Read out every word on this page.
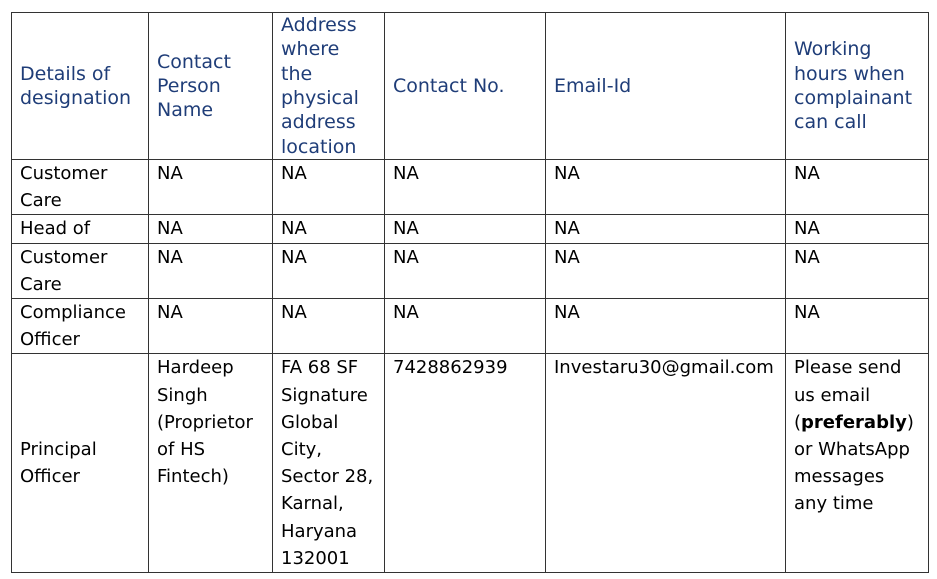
Details of designation	Contact Person Name	Address where the physical address location	Contact No.	Email-Id	Working hours when complainant can call
Customer Care	NA	NA	NA	NA	NA
Head of	NA	NA	NA	NA	NA
Customer Care	NA	NA	NA	NA	NA
Compliance Officer	NA	NA	NA	NA	NA
Principal Officer	Hardeep Singh (Proprietor of HS Fintech)	FA 68 SF Signature Global City, Sector 28, Karnal, Haryana 132001	7428862939	Investaru30@gmail.com	Please send us email (preferably) or WhatsApp messages any time
